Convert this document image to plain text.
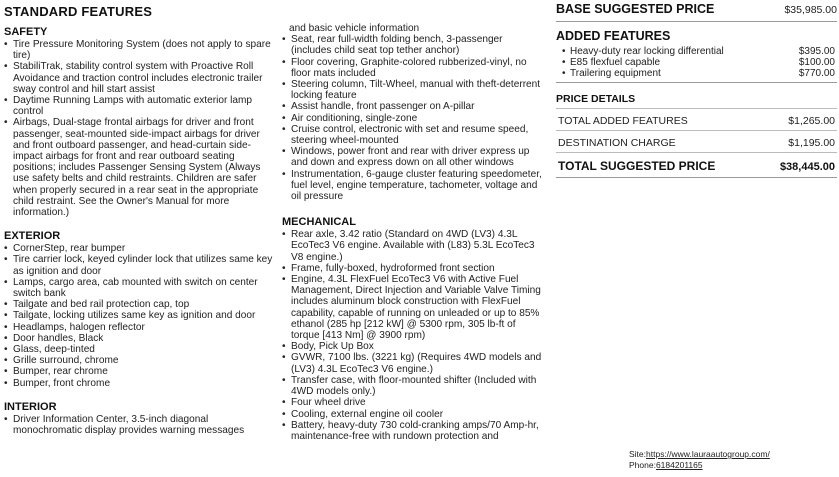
STANDARD FEATURES
SAFETY
• Tire Pressure Monitoring System (does not apply to spare tire)
• StabiliTrak, stability control system with Proactive Roll Avoidance and traction control includes electronic trailer sway control and hill start assist
• Daytime Running Lamps with automatic exterior lamp control
• Airbags, Dual-stage frontal airbags for driver and front passenger, seat-mounted side-impact airbags for driver and front outboard passenger, and head-curtain side-impact airbags for front and rear outboard seating positions; includes Passenger Sensing System (Always use safety belts and child restraints. Children are safer when properly secured in a rear seat in the appropriate child restraint. See the Owner's Manual for more information.)
EXTERIOR
• CornerStep, rear bumper
• Tire carrier lock, keyed cylinder lock that utilizes same key as ignition and door
• Lamps, cargo area, cab mounted with switch on center switch bank
• Tailgate and bed rail protection cap, top
• Tailgate, locking utilizes same key as ignition and door
• Headlamps, halogen reflector
• Door handles, Black
• Glass, deep-tinted
• Grille surround, chrome
• Bumper, rear chrome
• Bumper, front chrome
INTERIOR
• Driver Information Center, 3.5-inch diagonal monochromatic display provides warning messages
and basic vehicle information
• Seat, rear full-width folding bench, 3-passenger (includes child seat top tether anchor)
• Floor covering, Graphite-colored rubberized-vinyl, no floor mats included
• Steering column, Tilt-Wheel, manual with theft-deterrent locking feature
• Assist handle, front passenger on A-pillar
• Air conditioning, single-zone
• Cruise control, electronic with set and resume speed, steering wheel-mounted
• Windows, power front and rear with driver express up and down and express down on all other windows
• Instrumentation, 6-gauge cluster featuring speedometer, fuel level, engine temperature, tachometer, voltage and oil pressure
MECHANICAL
• Rear axle, 3.42 ratio (Standard on 4WD (LV3) 4.3L EcoTec3 V6 engine. Available with (L83) 5.3L EcoTec3 V8 engine.)
• Frame, fully-boxed, hydroformed front section
• Engine, 4.3L FlexFuel EcoTec3 V6 with Active Fuel Management, Direct Injection and Variable Valve Timing includes aluminum block construction with FlexFuel capability, capable of running on unleaded or up to 85% ethanol (285 hp [212 kW] @ 5300 rpm, 305 lb-ft of torque [413 Nm] @ 3900 rpm)
• Body, Pick Up Box
• GVWR, 7100 lbs. (3221 kg) (Requires 4WD models and (LV3) 4.3L EcoTec3 V6 engine.)
• Transfer case, with floor-mounted shifter (Included with 4WD models only.)
• Four wheel drive
• Cooling, external engine oil cooler
• Battery, heavy-duty 730 cold-cranking amps/70 Amp-hr, maintenance-free with rundown protection and
BASE SUGGESTED PRICE	$35,985.00
ADDED FEATURES
• Heavy-duty rear locking differential	$395.00
• E85 flexfuel capable	$100.00
• Trailering equipment	$770.00
PRICE DETAILS
TOTAL ADDED FEATURES	$1,265.00
DESTINATION CHARGE	$1,195.00
TOTAL SUGGESTED PRICE	$38,445.00
Site:https://www.lauraautogroup.com/
Phone:6184201165
